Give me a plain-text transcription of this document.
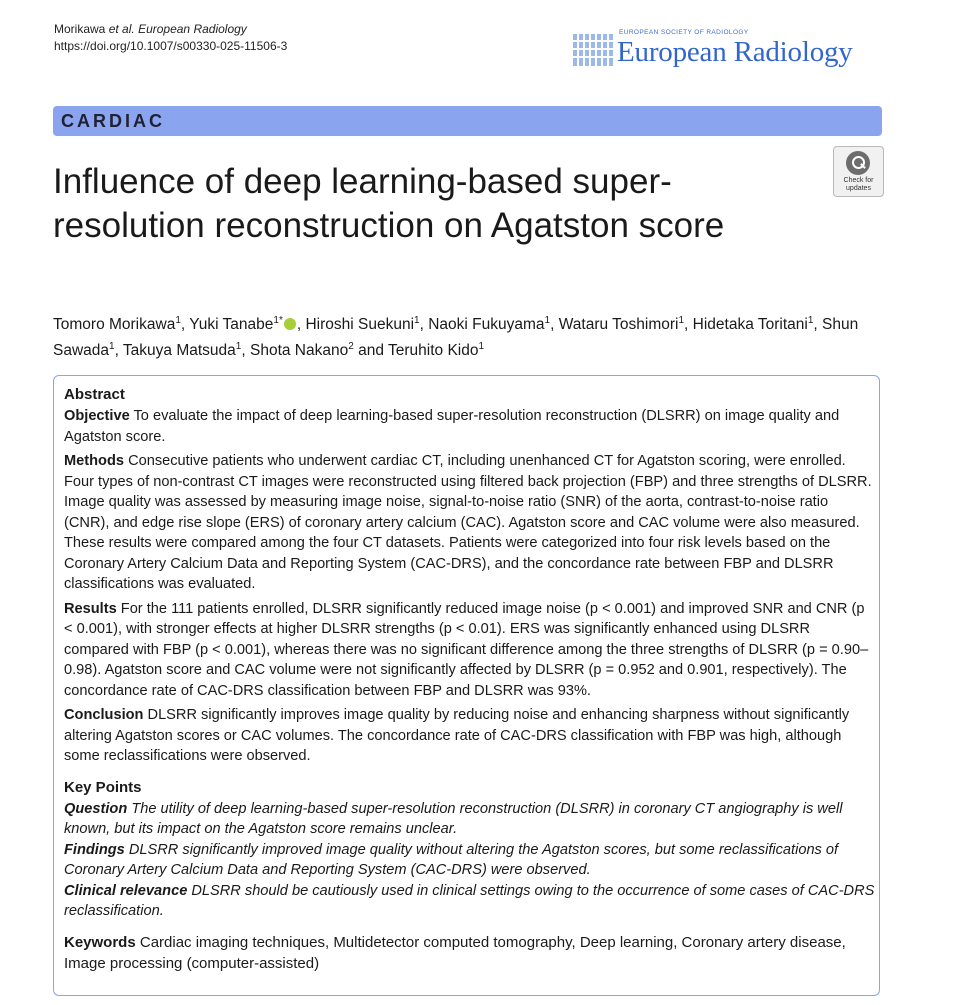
Morikawa et al. European Radiology
https://doi.org/10.1007/s00330-025-11506-3
EUROPEAN SOCIETY OF RADIOLOGY
European Radiology
CARDIAC
Check for
updates
Influence of deep learning-based super-resolution reconstruction on Agatston score
Tomoro Morikawa$^1$, Yuki Tanabe$^{1*}$ , Hiroshi Suekuni$^1$, Naoki Fukuyama$^1$, Wataru Toshimori$^1$, Hidetaka Toritani$^1$, Shun Sawada$^1$, Takuya Matsuda$^1$, Shota Nakano$^2$ and Teruhito Kido$^1$
Abstract

Objective To evaluate the impact of deep learning-based super-resolution reconstruction (DLSRR) on image quality and Agatston score.

Methods Consecutive patients who underwent cardiac CT, including unenhanced CT for Agatston scoring, were enrolled. Four types of non-contrast CT images were reconstructed using filtered back projection (FBP) and three strengths of DLSRR. Image quality was assessed by measuring image noise, signal-to-noise ratio (SNR) of the aorta, contrast-to-noise ratio (CNR), and edge rise slope (ERS) of coronary artery calcium (CAC). Agatston score and CAC volume were also measured. These results were compared among the four CT datasets. Patients were categorized into four risk levels based on the Coronary Artery Calcium Data and Reporting System (CAC-DRS), and the concordance rate between FBP and DLSRR classifications was evaluated.

Results For the 111 patients enrolled, DLSRR significantly reduced image noise (p < 0.001) and improved SNR and CNR (p < 0.001), with stronger effects at higher DLSRR strengths (p < 0.01). ERS was significantly enhanced using DLSRR compared with FBP (p < 0.001), whereas there was no significant difference among the three strengths of DLSRR (p = 0.90–0.98). Agatston score and CAC volume were not significantly affected by DLSRR (p = 0.952 and 0.901, respectively). The concordance rate of CAC-DRS classification between FBP and DLSRR was 93%.

Conclusion DLSRR significantly improves image quality by reducing noise and enhancing sharpness without significantly altering Agatston scores or CAC volumes. The concordance rate of CAC-DRS classification with FBP was high, although some reclassifications were observed.

Key Points

Question The utility of deep learning-based super-resolution reconstruction (DLSRR) in coronary CT angiography is well known, but its impact on the Agatston score remains unclear.

Findings DLSRR significantly improved image quality without altering the Agatston scores, but some reclassifications of Coronary Artery Calcium Data and Reporting System (CAC-DRS) were observed.

Clinical relevance DLSRR should be cautiously used in clinical settings owing to the occurrence of some cases of CAC-DRS reclassification.

Keywords Cardiac imaging techniques, Multidetector computed tomography, Deep learning, Coronary artery disease, Image processing (computer-assisted)
